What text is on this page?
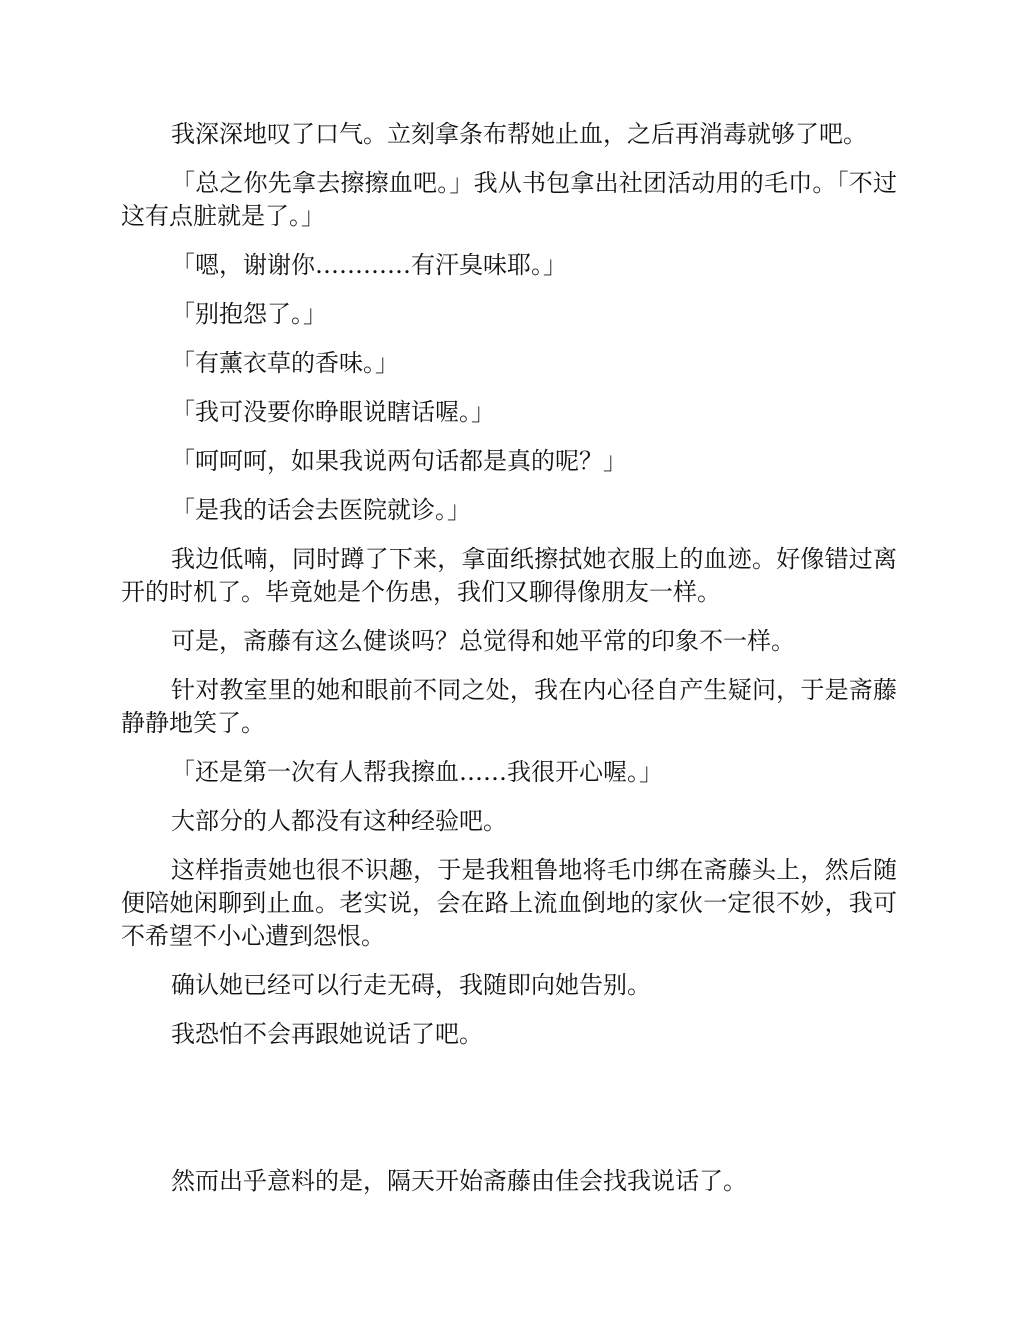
我深深地叹了口气。立刻拿条布帮她止血，之后再消毒就够了吧。

「总之你先拿去擦擦血吧。」我从书包拿出社团活动用的毛巾。「不过这有点脏就是了。」

「嗯，谢谢你…………有汗臭味耶。」

「别抱怨了。」

「有薰衣草的香味。」

「我可没要你睁眼说瞎话喔。」

「呵呵呵，如果我说两句话都是真的呢？」

「是我的话会去医院就诊。」

我边低喃，同时蹲了下来，拿面纸擦拭她衣服上的血迹。好像错过离开的时机了。毕竟她是个伤患，我们又聊得像朋友一样。

可是，斋藤有这么健谈吗？总觉得和她平常的印象不一样。

针对教室里的她和眼前不同之处，我在内心径自产生疑问，于是斋藤静静地笑了。

「还是第一次有人帮我擦血……我很开心喔。」

大部分的人都没有这种经验吧。

这样指责她也很不识趣，于是我粗鲁地将毛巾绑在斋藤头上，然后随便陪她闲聊到止血。老实说，会在路上流血倒地的家伙一定很不妙，我可不希望不小心遭到怨恨。

确认她已经可以行走无碍，我随即向她告别。

我恐怕不会再跟她说话了吧。

然而出乎意料的是，隔天开始斋藤由佳会找我说话了。
